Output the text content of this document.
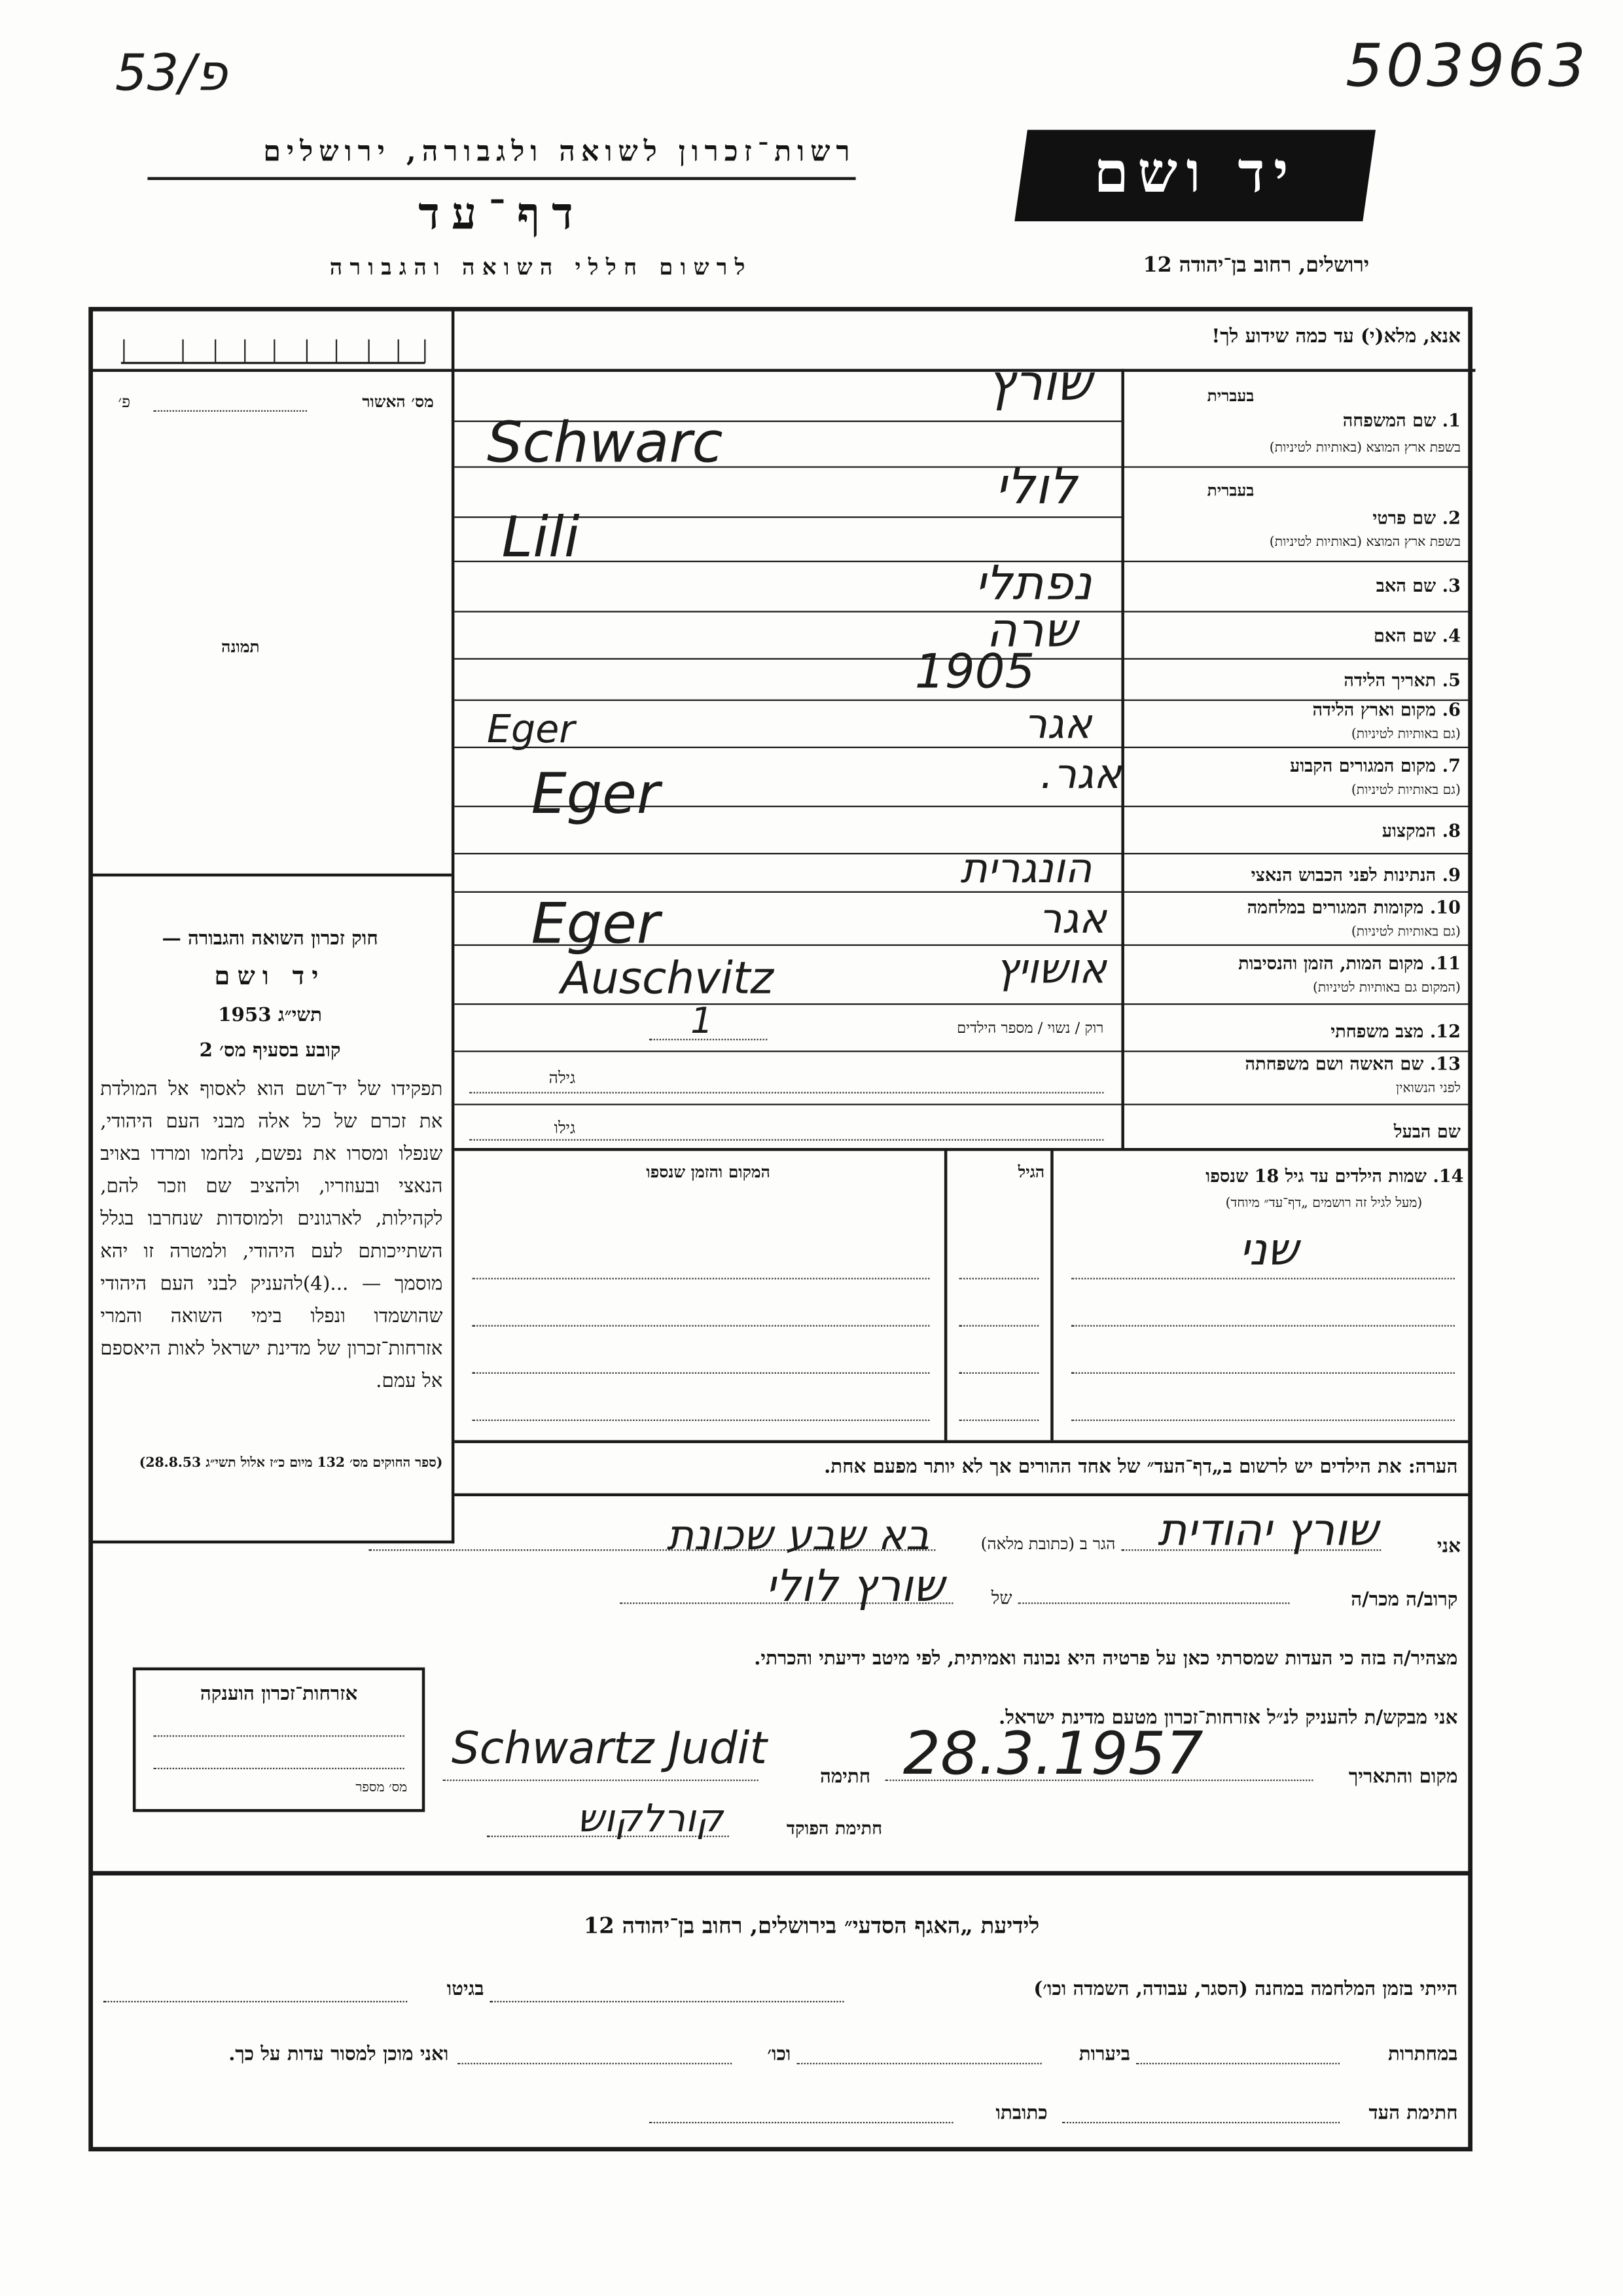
53/פ	503963
רשות־זכרון לשואה ולגבורה, ירושלים
דף־עד
לרשום חללי השואה והגבורה
יד ושם
ירושלים, רחוב בן־יהודה 12
אנא, מלא(י) עד כמה שידוע לך!
מס׳ האשור
פ׳
תמונה
בעברית
1. שם המשפחה
בשפת ארץ המוצא (באותיות לטיניות)
שורץ
Schwarc
בעברית
2. שם פרטי
בשפת ארץ המוצא (באותיות לטיניות)
לולי
Lili
3. שם האב
נפתלי
4. שם האם
שרה
5. תאריך הלידה
1905
6. מקום וארץ הלידה
(גם באותיות לטיניות)
אגר
Eger
7. מקום המגורים הקבוע
(גם באותיות לטיניות)
אגר.
Eger
8. המקצוע
9. הנתינות לפני הכבוש הנאצי
הונגרית
10. מקומות המגורים במלחמה
(גם באותיות לטיניות)
אגר
Eger
11. מקום המות, הזמן והנסיבות
(המקום גם באותיות לטיניות)
אושויץ
Auschvitz
12. מצב משפחתי
רוק / נשוי / מספר הילדים
1
13. שם האשה ושם משפחתה
לפני הנשואין
גילה
שם הבעל
גילו
14. שמות הילדים עד גיל 18 שנספו
(מעל לגיל זה רושמים „דף־עד״ מיוחד)
הגיל
המקום והזמן שנספו
שני
הערה: את הילדים יש לרשום ב„דף־העד״ של אחד ההורים אך לא יותר מפעם אחת.
חוק זכרון השואה והגבורה —
יד ושם
תשי״ג 1953
קובע בסעיף מס׳ 2
תפקידו של יד־ושם הוא לאסוף אל המולדת את זכרם של כל אלה מבני העם היהודי, שנפלו ומסרו את נפשם, נלחמו ומרדו באויב הנאצי ובעוזריו, ולהציב שם וזכר להם, לקהילות, לארגונים ולמוסדות שנחרבו בגלל השתייכותם לעם היהודי, ולמטרה זו יהא מוסמך — ...(4)להעניק לבני העם היהודי שהושמדו ונפלו בימי השואה והמרי אזרחות־זכרון של מדינת ישראל לאות היאספם אל עמם.
(ספר החוקים מס׳ 132 מיום כ״ז אלול תשי״ג 28.8.53)
אני
שורץ יהודית
הגר ב (כתובת מלאה)
בא שבע שכונת
קרוב/ה מכר/ה
של
שורץ לולי
מצהיר/ה בזה כי העדות שמסרתי כאן על פרטיה היא נכונה ואמיתית, לפי מיטב ידיעתי והכרתי.
אני מבקש/ת להעניק לנ״ל אזרחות־זכרון מטעם מדינת ישראל.
מקום והתאריך
28.3.1957
חתימה
Schwartz Judit
חתימת הפוקד
קורלקוש
אזרחות־זכרון הוענקה
מס׳ מספר
לידיעת „האגף הסדעי״ בירושלים, רחוב בן־יהודה 12
הייתי בזמן המלחמה במחנה (הסגר, עבודה, השמדה וכו׳)
בגיטו
במחתרות
ביערות
וכו׳
ואני מוכן למסור עדות על כך.
חתימת העד
כתובתו
